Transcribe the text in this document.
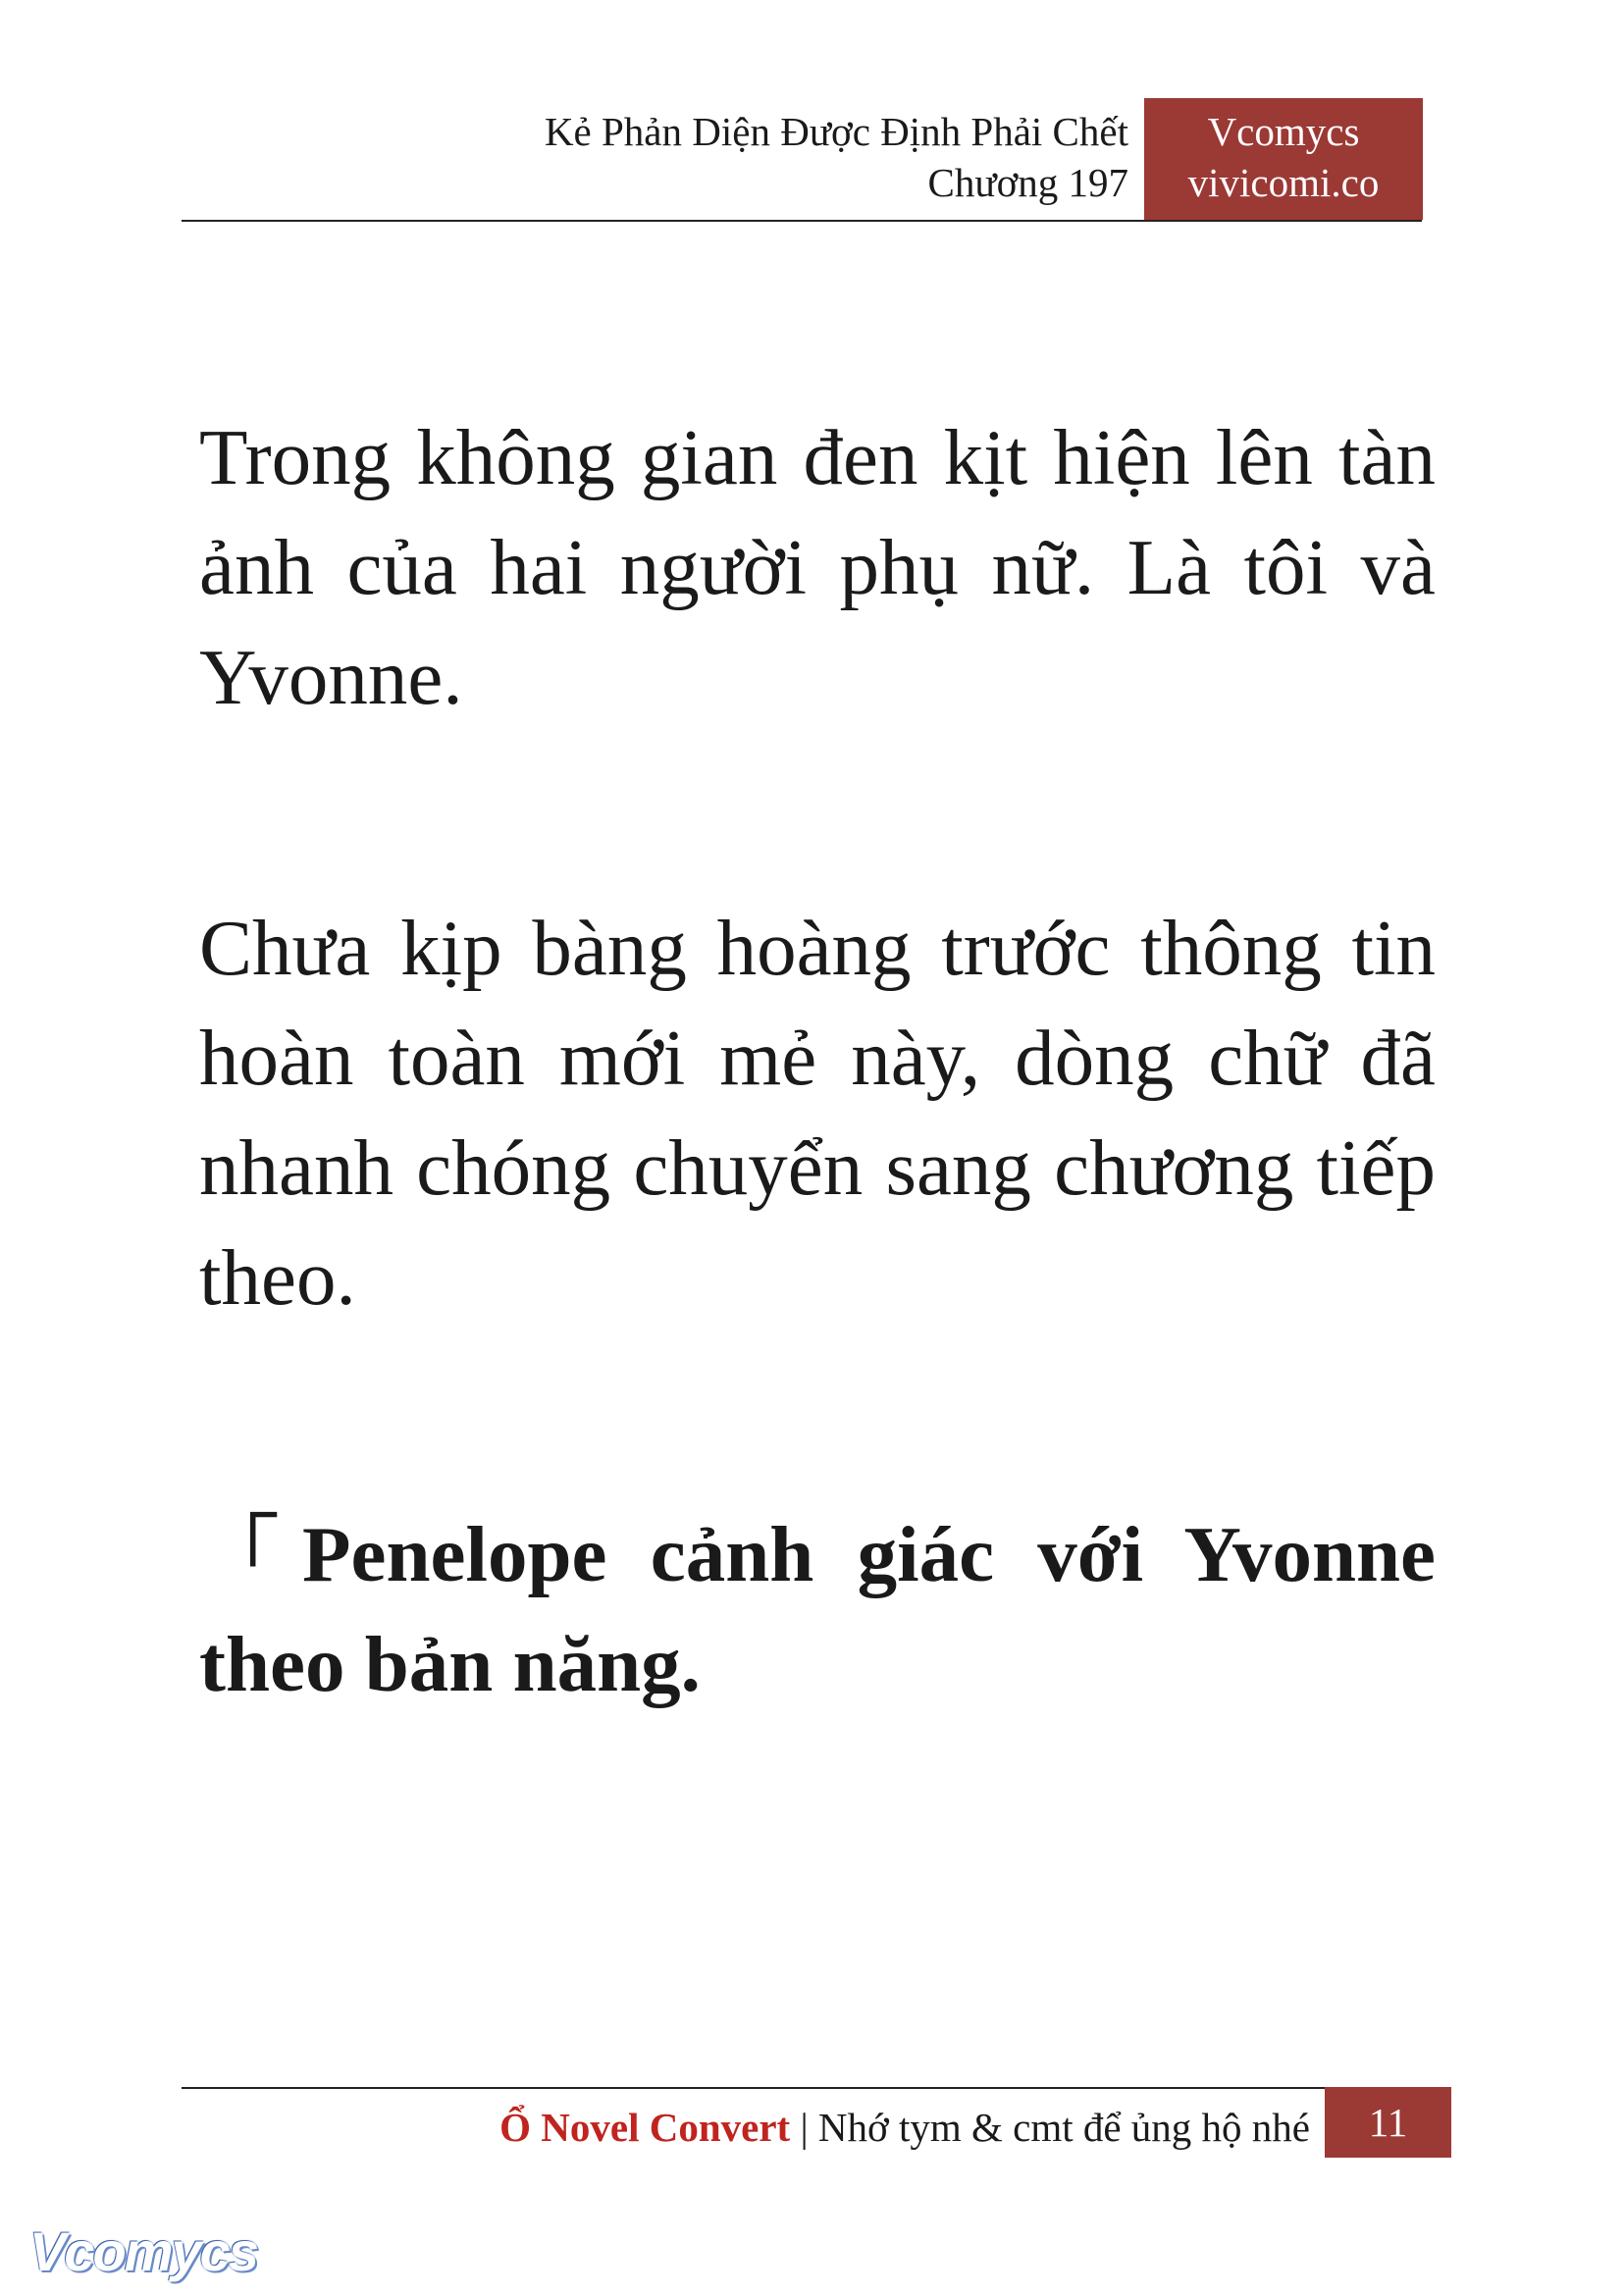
Kẻ Phản Diện Được Định Phải Chết
Chương 197
Vcomycs
vivicomi.co

Trong không gian đen kịt hiện lên tàn ảnh của hai người phụ nữ. Là tôi và Yvonne.

Chưa kịp bàng hoàng trước thông tin hoàn toàn mới mẻ này, dòng chữ đã nhanh chóng chuyển sang chương tiếp theo.

「Penelope cảnh giác với Yvonne theo bản năng.

Ổ Novel Convert | Nhớ tym & cmt để ủng hộ nhé	11
Vcomycs
